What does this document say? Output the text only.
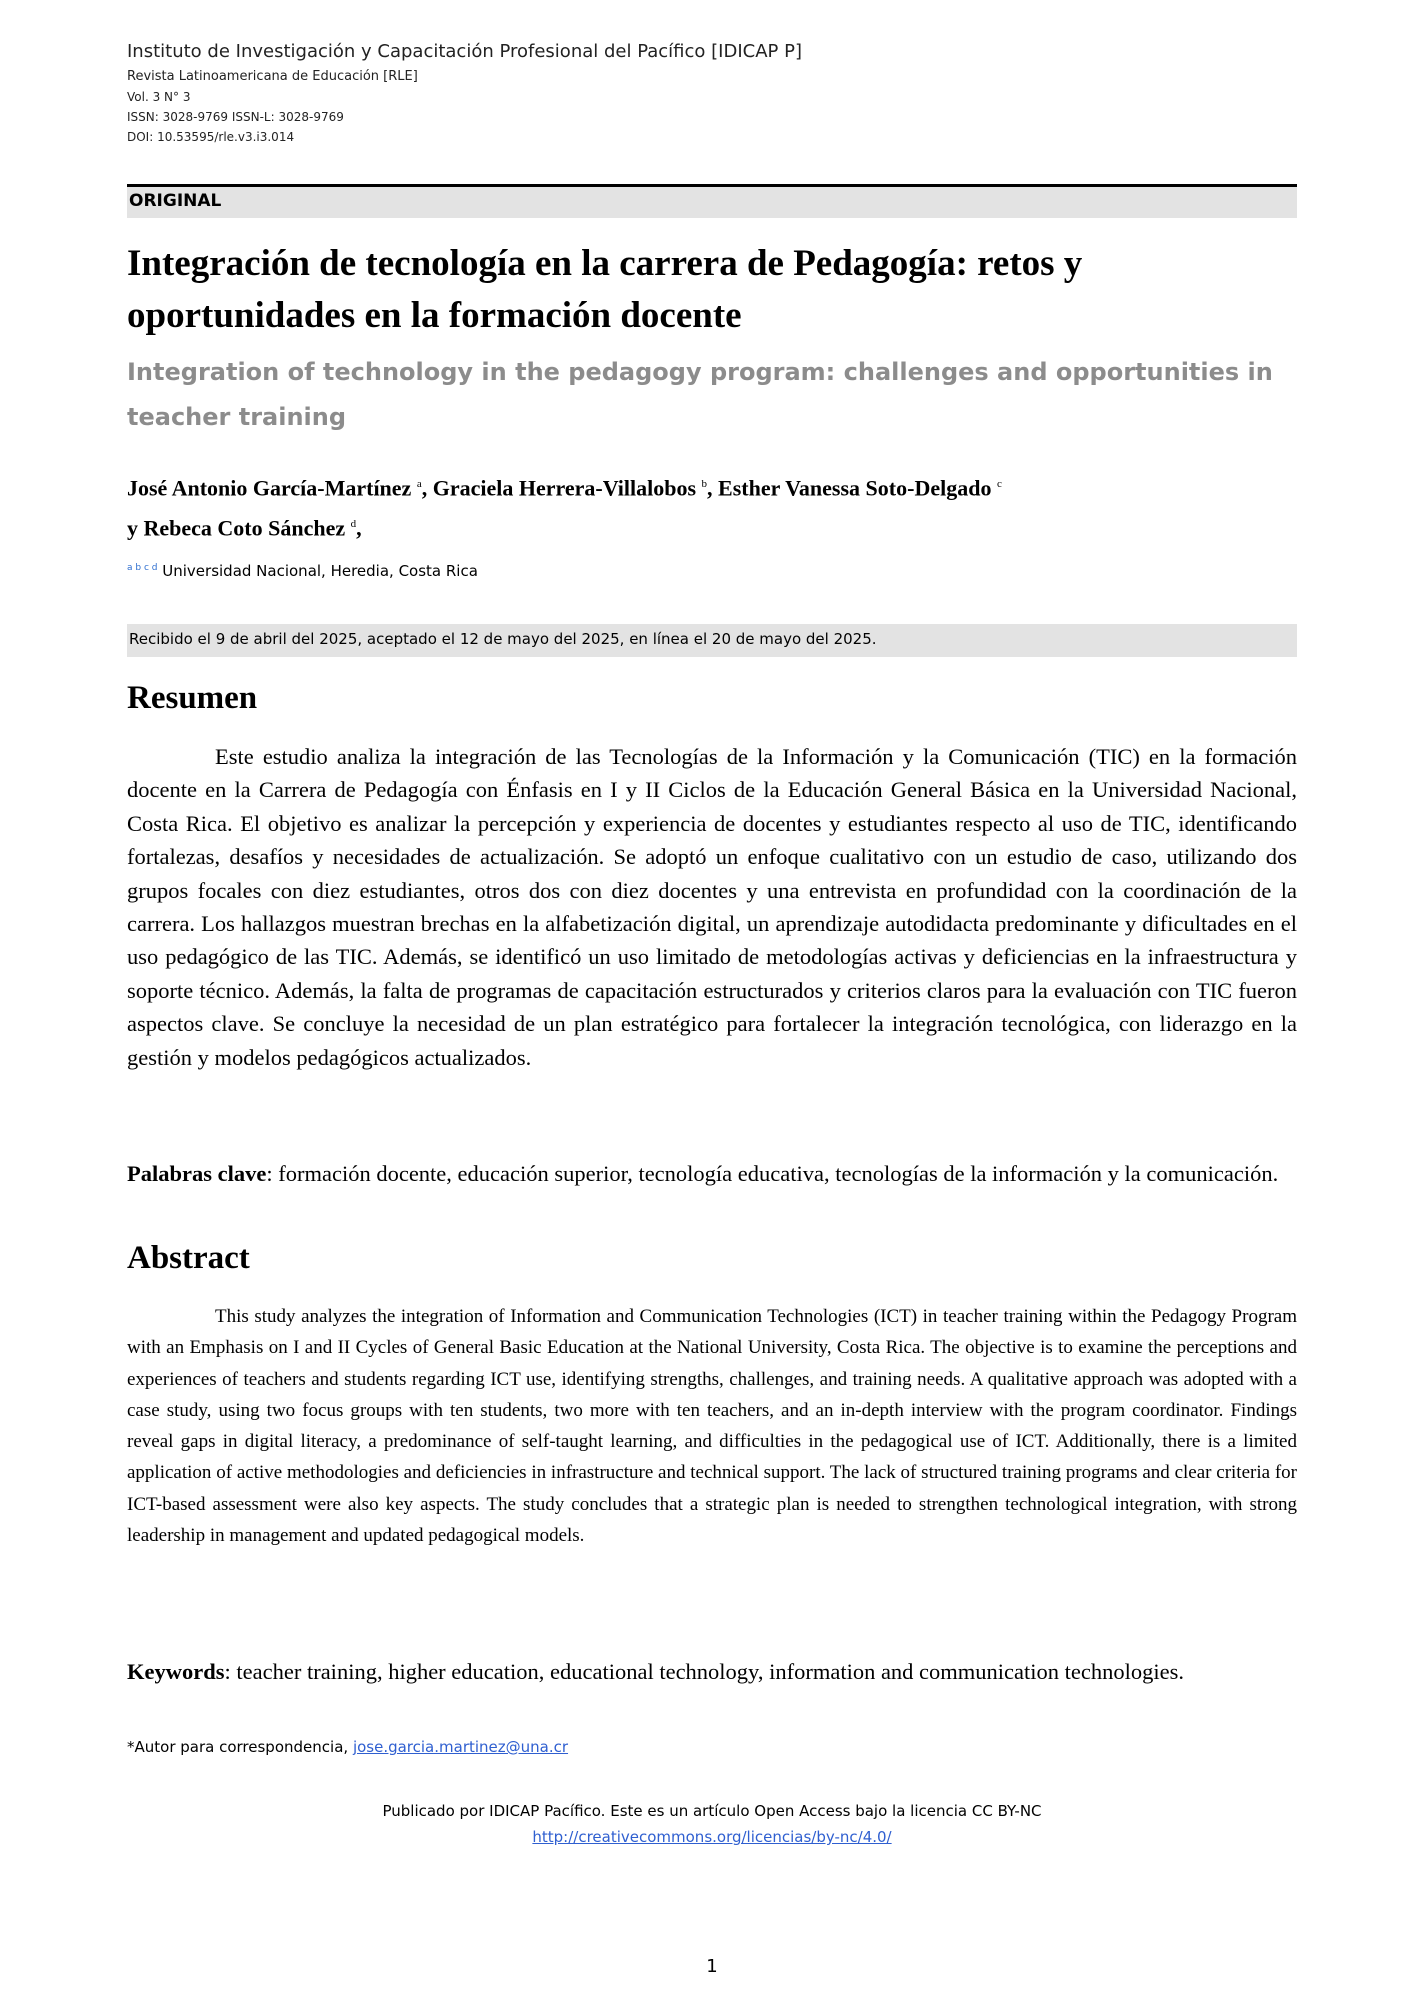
Instituto de Investigación y Capacitación Profesional del Pacífico [IDICAP P]
Revista Latinoamericana de Educación [RLE]
Vol. 3 N° 3
ISSN: 3028-9769 ISSN-L: 3028-9769
DOI: 10.53595/rle.v3.i3.014
ORIGINAL
Integración de tecnología en la carrera de Pedagogía: retos y oportunidades en la formación docente

Integration of technology in the pedagogy program: challenges and opportunities in teacher training

José Antonio García-Martínez $^a$, Graciela Herrera-Villalobos $^b$, Esther Vanessa Soto-Delgado $^c$
y Rebeca Coto Sánchez $^d$,
$^{a b c d}$ Universidad Nacional, Heredia, Costa Rica
Recibido el 9 de abril del 2025, aceptado el 12 de mayo del 2025, en línea el 20 de mayo del 2025.
Resumen

Este estudio analiza la integración de las Tecnologías de la Información y la Comunicación (TIC) en la formación docente en la Carrera de Pedagogía con Énfasis en I y II Ciclos de la Educación General Básica en la Universidad Nacional, Costa Rica. El objetivo es analizar la percepción y experiencia de docentes y estudiantes respecto al uso de TIC, identificando fortalezas, desafíos y necesidades de actualización. Se adoptó un enfoque cualitativo con un estudio de caso, utilizando dos grupos focales con diez estudiantes, otros dos con diez docentes y una entrevista en profundidad con la coordinación de la carrera. Los hallazgos muestran brechas en la alfabetización digital, un aprendizaje autodidacta predominante y dificultades en el uso pedagógico de las TIC. Además, se identificó un uso limitado de metodologías activas y deficiencias en la infraestructura y soporte técnico. Además, la falta de programas de capacitación estructurados y criterios claros para la evaluación con TIC fueron aspectos clave. Se concluye la necesidad de un plan estratégico para fortalecer la integración tecnológica, con liderazgo en la gestión y modelos pedagógicos actualizados.

Palabras clave: formación docente, educación superior, tecnología educativa, tecnologías de la información y la comunicación.

Abstract

This study analyzes the integration of Information and Communication Technologies (ICT) in teacher training within the Pedagogy Program with an Emphasis on I and II Cycles of General Basic Education at the National University, Costa Rica. The objective is to examine the perceptions and experiences of teachers and students regarding ICT use, identifying strengths, challenges, and training needs. A qualitative approach was adopted with a case study, using two focus groups with ten students, two more with ten teachers, and an in-depth interview with the program coordinator. Findings reveal gaps in digital literacy, a predominance of self-taught learning, and difficulties in the pedagogical use of ICT. Additionally, there is a limited application of active methodologies and deficiencies in infrastructure and technical support. The lack of structured training programs and clear criteria for ICT-based assessment were also key aspects. The study concludes that a strategic plan is needed to strengthen technological integration, with strong leadership in management and updated pedagogical models.

Keywords: teacher training, higher education, educational technology, information and communication technologies.

*Autor para correspondencia, jose.garcia.martinez@una.cr
Publicado por IDICAP Pacífico. Este es un artículo Open Access bajo la licencia CC BY-NC
http://creativecommons.org/licencias/by-nc/4.0/
1
